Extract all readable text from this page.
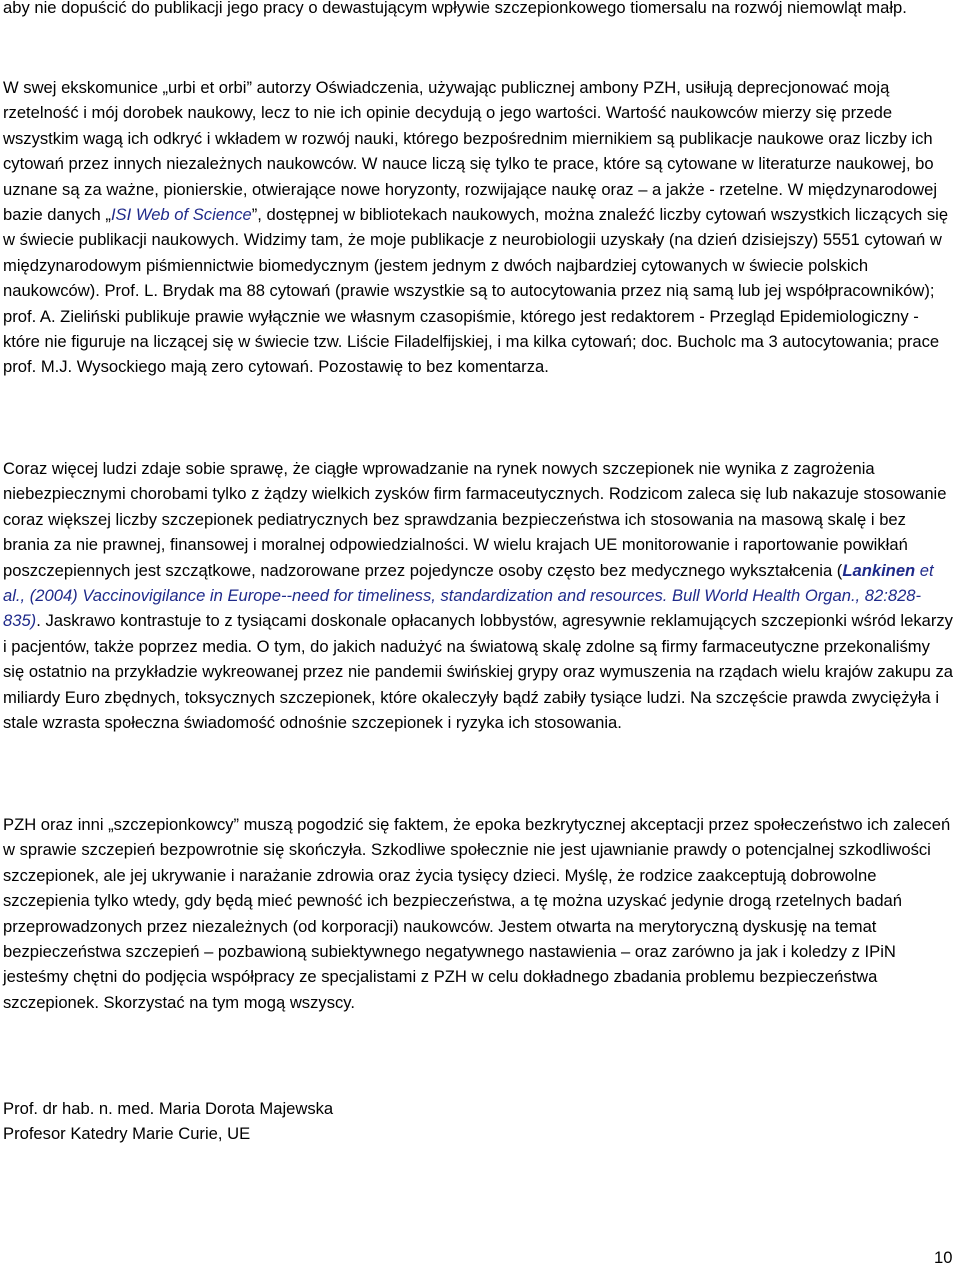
aby nie dopuścić do publikacji jego pracy o dewastującym wpływie szczepionkowego tiomersalu na rozwój niemowląt małp.

W swej ekskomunice „urbi et orbi” autorzy Oświadczenia, używając publicznej ambony PZH, usiłują deprecjonować moją rzetelność i mój dorobek naukowy, lecz to nie ich opinie decydują o jego wartości. Wartość naukowców mierzy się przede wszystkim wagą ich odkryć i wkładem w rozwój nauki, którego bezpośrednim miernikiem są publikacje naukowe oraz liczby ich cytowań przez innych niezależnych naukowców. W nauce liczą się tylko te prace, które są cytowane w literaturze naukowej, bo uznane są za ważne, pionierskie, otwierające nowe horyzonty, rozwijające naukę oraz – a jakże - rzetelne. W międzynarodowej bazie danych „ISI Web of Science”, dostępnej w bibliotekach naukowych, można znaleźć liczby cytowań wszystkich liczących się w świecie publikacji naukowych. Widzimy tam, że moje publikacje z neurobiologii uzyskały (na dzień dzisiejszy) 5551 cytowań w międzynarodowym piśmiennictwie biomedycznym (jestem jednym z dwóch najbardziej cytowanych w świecie polskich naukowców). Prof. L. Brydak ma 88 cytowań (prawie wszystkie są to autocytowania przez nią samą lub jej współpracowników); prof. A. Zieliński publikuje prawie wyłącznie we własnym czasopiśmie, którego jest redaktorem - Przegląd Epidemiologiczny - które nie figuruje na liczącej się w świecie tzw. Liście Filadelfijskiej, i ma kilka cytowań; doc. Bucholc ma 3 autocytowania; prace prof. M.J. Wysockiego mają zero cytowań. Pozostawię to bez komentarza.

Coraz więcej ludzi zdaje sobie sprawę, że ciągłe wprowadzanie na rynek nowych szczepionek nie wynika z zagrożenia niebezpiecznymi chorobami tylko z żądzy wielkich zysków firm farmaceutycznych. Rodzicom zaleca się lub nakazuje stosowanie coraz większej liczby szczepionek pediatrycznych bez sprawdzania bezpieczeństwa ich stosowania na masową skalę i bez brania za nie prawnej, finansowej i moralnej odpowiedzialności. W wielu krajach UE monitorowanie i raportowanie powikłań poszczepiennych jest szczątkowe, nadzorowane przez pojedyncze osoby często bez medycznego wykształcenia (Lankinen et al., (2004) Vaccinovigilance in Europe--need for timeliness, standardization and resources. Bull World Health Organ., 82:828-835). Jaskrawo kontrastuje to z tysiącami doskonale opłacanych lobbystów, agresywnie reklamujących szczepionki wśród lekarzy i pacjentów, także poprzez media. O tym, do jakich nadużyć na światową skalę zdolne są firmy farmaceutyczne przekonaliśmy się ostatnio na przykładzie wykreowanej przez nie pandemii świńskiej grypy oraz wymuszenia na rządach wielu krajów zakupu za miliardy Euro zbędnych, toksycznych szczepionek, które okaleczyły bądź zabiły tysiące ludzi. Na szczęście prawda zwyciężyła i stale wzrasta społeczna świadomość odnośnie szczepionek i ryzyka ich stosowania.

PZH oraz inni „szczepionkowcy” muszą pogodzić się faktem, że epoka bezkrytycznej akceptacji przez społeczeństwo ich zaleceń w sprawie szczepień bezpowrotnie się skończyła. Szkodliwe społecznie nie jest ujawnianie prawdy o potencjalnej szkodliwości szczepionek, ale jej ukrywanie i narażanie zdrowia oraz życia tysięcy dzieci. Myślę, że rodzice zaakceptują dobrowolne szczepienia tylko wtedy, gdy będą mieć pewność ich bezpieczeństwa, a tę można uzyskać jedynie drogą rzetelnych badań przeprowadzonych przez niezależnych (od korporacji) naukowców. Jestem otwarta na merytoryczną dyskusję na temat bezpieczeństwa szczepień – pozbawioną subiektywnego negatywnego nastawienia – oraz zarówno ja jak i koledzy z IPiN jesteśmy chętni do podjęcia współpracy ze specjalistami z PZH w celu dokładnego zbadania problemu bezpieczeństwa szczepionek. Skorzystać na tym mogą wszyscy.

Prof. dr hab. n. med. Maria Dorota Majewska
Profesor Katedry Marie Curie, UE
10
